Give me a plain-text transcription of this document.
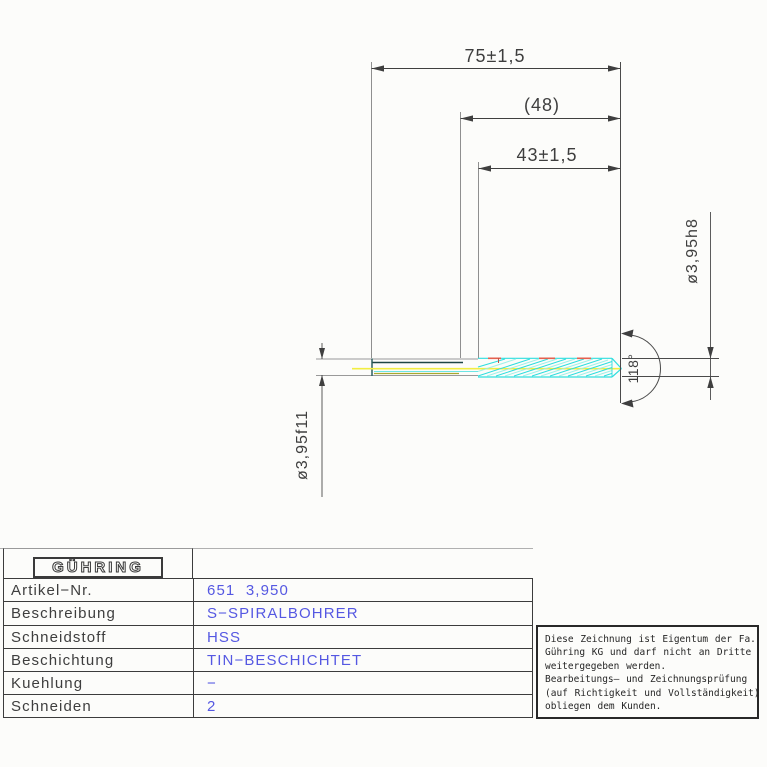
75±1,5
(48)
43±1,5
118°
ø3,95h8
ø3,95f11
GÜHRING
Artikel−Nr.	651  3,950
Beschreibung	S−SPIRALBOHRER
Schneidstoff	HSS
Beschichtung	TIN−BESCHICHTET
Kuehlung	−
Schneiden	2
Diese Zeichnung ist Eigentum der Fa.
Gühring KG und darf nicht an Dritte
weitergegeben werden.
Bearbeitungs– und Zeichnungsprüfung
(auf Richtigkeit und Vollständigkeit)
obliegen dem Kunden.
